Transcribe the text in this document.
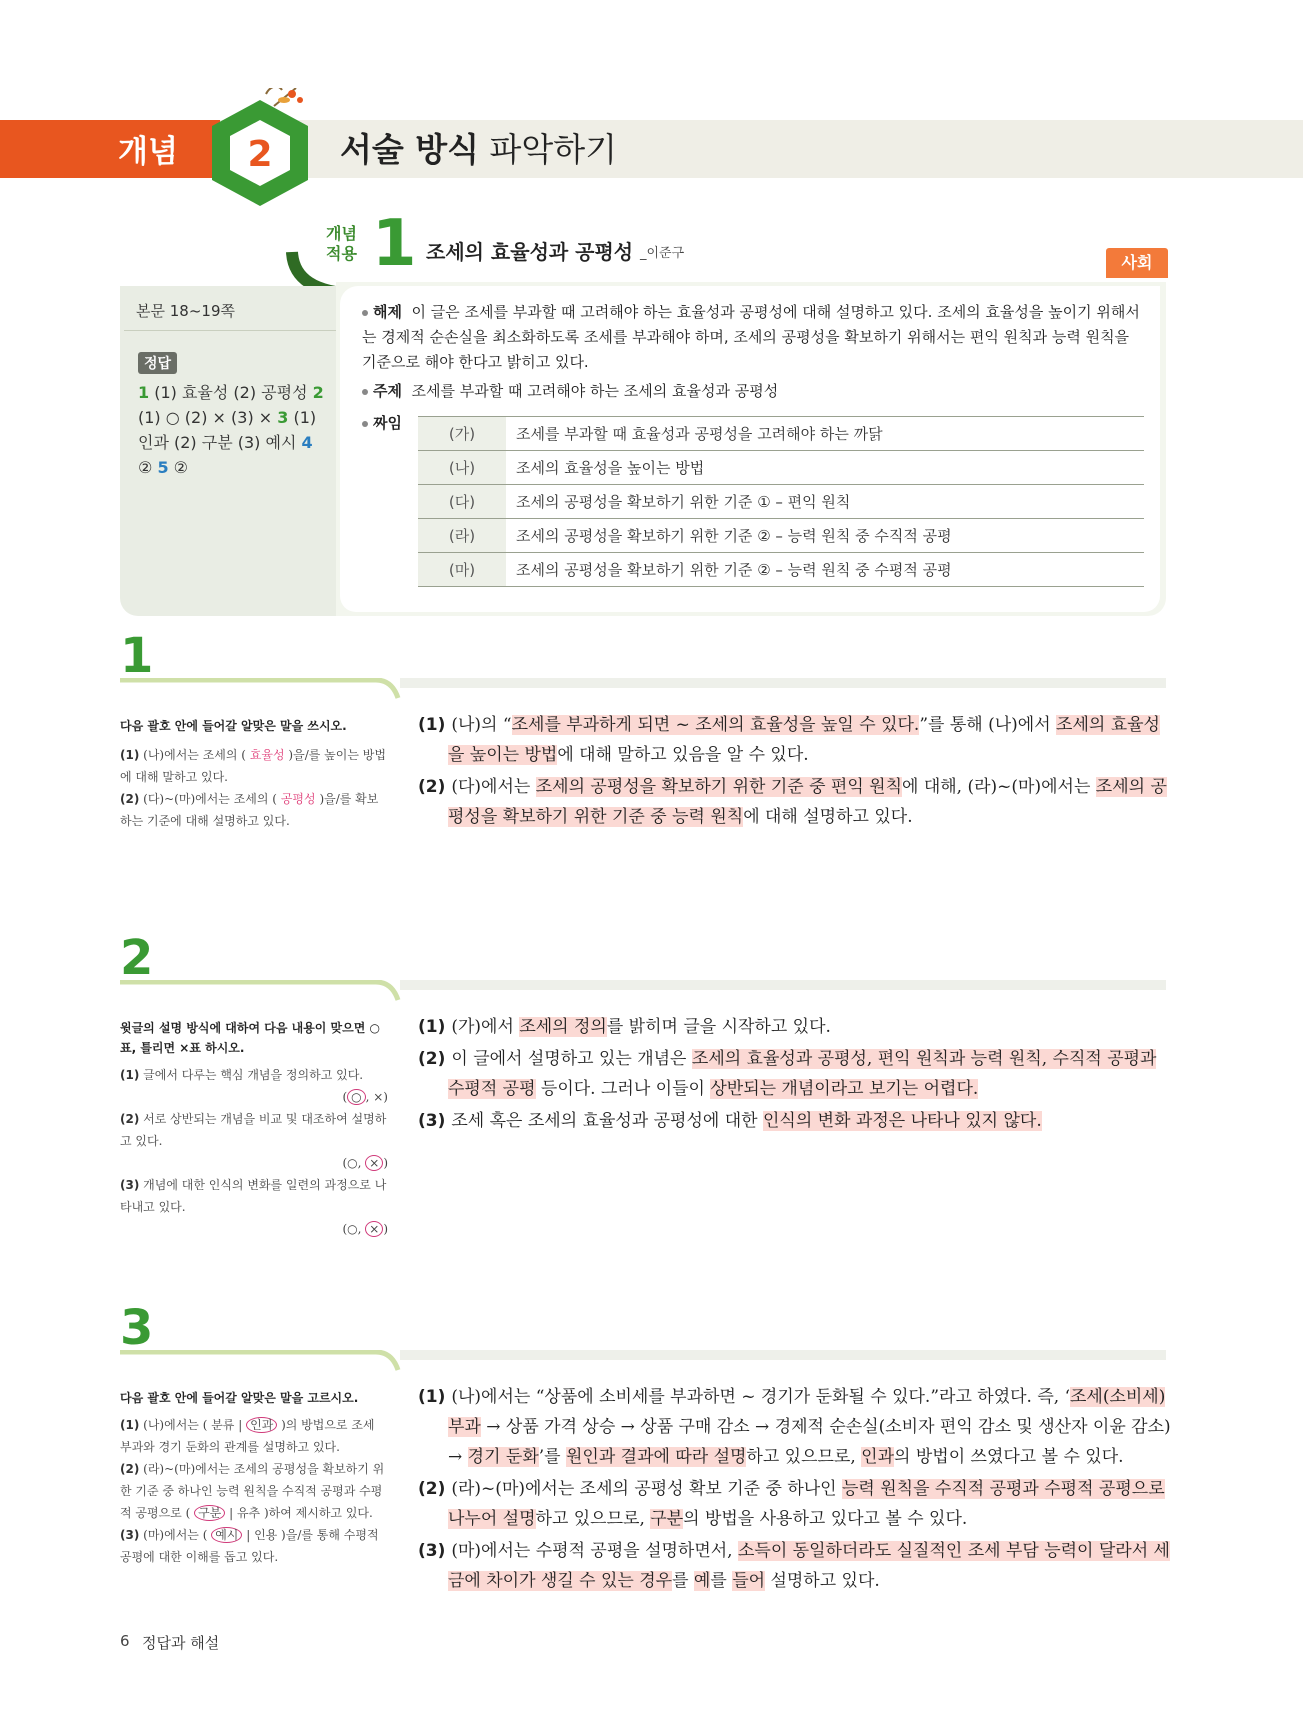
개념 2 서술 방식 파악하기
개념
적용 1 조세의 효율성과 공평성 _이준구	사회
본문 18~19쪽
정답
1 (1) 효율성 (2) 공평성 2 (1) ○ (2) × (3) × 3 (1) 인과 (2) 구분 (3) 예시 4 ② 5 ②
해제 이 글은 조세를 부과할 때 고려해야 하는 효율성과 공평성에 대해 설명하고 있다. 조세의 효율성을 높이기 위해서는 경제적 순손실을 최소화하도록 조세를 부과해야 하며, 조세의 공평성을 확보하기 위해서는 편익 원칙과 능력 원칙을 기준으로 해야 한다고 밝히고 있다.
주제 조세를 부과할 때 고려해야 하는 조세의 효율성과 공평성
짜임
(가)	조세를 부과할 때 효율성과 공평성을 고려해야 하는 까닭
(나)	조세의 효율성을 높이는 방법
(다)	조세의 공평성을 확보하기 위한 기준 ① – 편익 원칙
(라)	조세의 공평성을 확보하기 위한 기준 ② – 능력 원칙 중 수직적 공평
(마)	조세의 공평성을 확보하기 위한 기준 ② – 능력 원칙 중 수평적 공평
1
다음 괄호 안에 들어갈 알맞은 말을 쓰시오.
(1) (나)에서는 조세의 ( 효율성 )을/를 높이는 방법에 대해 말하고 있다.
(2) (다)~(마)에서는 조세의 ( 공평성 )을/를 확보하는 기준에 대해 설명하고 있다.

(1) (나)의 “조세를 부과하게 되면 ~ 조세의 효율성을 높일 수 있다.”를 통해 (나)에서 조세의 효율성을 높이는 방법에 대해 말하고 있음을 알 수 있다.

(2) (다)에서는 조세의 공평성을 확보하기 위한 기준 중 편익 원칙에 대해, (라)~(마)에서는 조세의 공평성을 확보하기 위한 기준 중 능력 원칙에 대해 설명하고 있다.

2
윗글의 설명 방식에 대하여 다음 내용이 맞으면 ○표, 틀리면 ×표 하시오.
(1) 글에서 다루는 핵심 개념을 정의하고 있다.
( ○ , ×)
(2) 서로 상반되는 개념을 비교 및 대조하여 설명하고 있다.
(○, × )
(3) 개념에 대한 인식의 변화를 일련의 과정으로 나타내고 있다.
(○, × )

(1) (가)에서 조세의 정의를 밝히며 글을 시작하고 있다.

(2) 이 글에서 설명하고 있는 개념은 조세의 효율성과 공평성, 편익 원칙과 능력 원칙, 수직적 공평과 수평적 공평 등이다. 그러나 이들이 상반되는 개념이라고 보기는 어렵다.

(3) 조세 혹은 조세의 효율성과 공평성에 대한 인식의 변화 과정은 나타나 있지 않다.

3
다음 괄호 안에 들어갈 알맞은 말을 고르시오.
(1) (나)에서는 ( 분류 | 인과 )의 방법으로 조세 부과와 경기 둔화의 관계를 설명하고 있다.
(2) (라)~(마)에서는 조세의 공평성을 확보하기 위한 기준 중 하나인 능력 원칙을 수직적 공평과 수평적 공평으로 ( 구분 | 유추 )하여 제시하고 있다.
(3) (마)에서는 ( 예시 | 인용 )을/를 통해 수평적 공평에 대한 이해를 돕고 있다.

(1) (나)에서는 “상품에 소비세를 부과하면 ~ 경기가 둔화될 수 있다.”라고 하였다. 즉, ‘조세(소비세) 부과 → 상품 가격 상승 → 상품 구매 감소 → 경제적 순손실(소비자 편익 감소 및 생산자 이윤 감소) → 경기 둔화’를 원인과 결과에 따라 설명하고 있으므로, 인과의 방법이 쓰였다고 볼 수 있다.

(2) (라)~(마)에서는 조세의 공평성 확보 기준 중 하나인 능력 원칙을 수직적 공평과 수평적 공평으로 나누어 설명하고 있으므로, 구분의 방법을 사용하고 있다고 볼 수 있다.

(3) (마)에서는 수평적 공평을 설명하면서, 소득이 동일하더라도 실질적인 조세 부담 능력이 달라서 세금에 차이가 생길 수 있는 경우를 예를 들어 설명하고 있다.

6 정답과 해설
